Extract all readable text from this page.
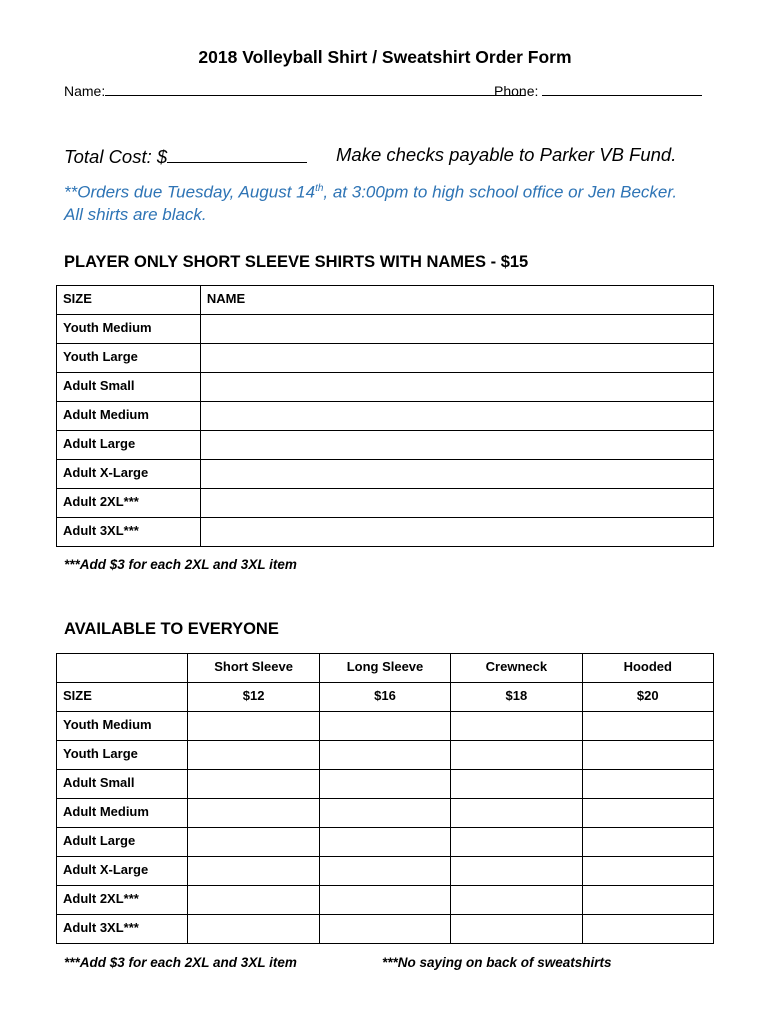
2018 Volleyball Shirt / Sweatshirt Order Form
Name:	Phone:
Total Cost: $	Make checks payable to Parker VB Fund.
**Orders due Tuesday, August 14th, at 3:00pm to high school office or Jen Becker.
All shirts are black.
PLAYER ONLY SHORT SLEEVE SHIRTS WITH NAMES - $15
SIZE	NAME
Youth Medium	
Youth Large	
Adult Small	
Adult Medium	
Adult Large	
Adult X-Large	
Adult 2XL***	
Adult 3XL***	
***Add $3 for each 2XL and 3XL item
AVAILABLE TO EVERYONE
	Short Sleeve	Long Sleeve	Crewneck	Hooded
SIZE	$12	$16	$18	$20
Youth Medium				
Youth Large				
Adult Small				
Adult Medium				
Adult Large				
Adult X-Large				
Adult 2XL***				
Adult 3XL***				
***Add $3 for each 2XL and 3XL item	***No saying on back of sweatshirts
